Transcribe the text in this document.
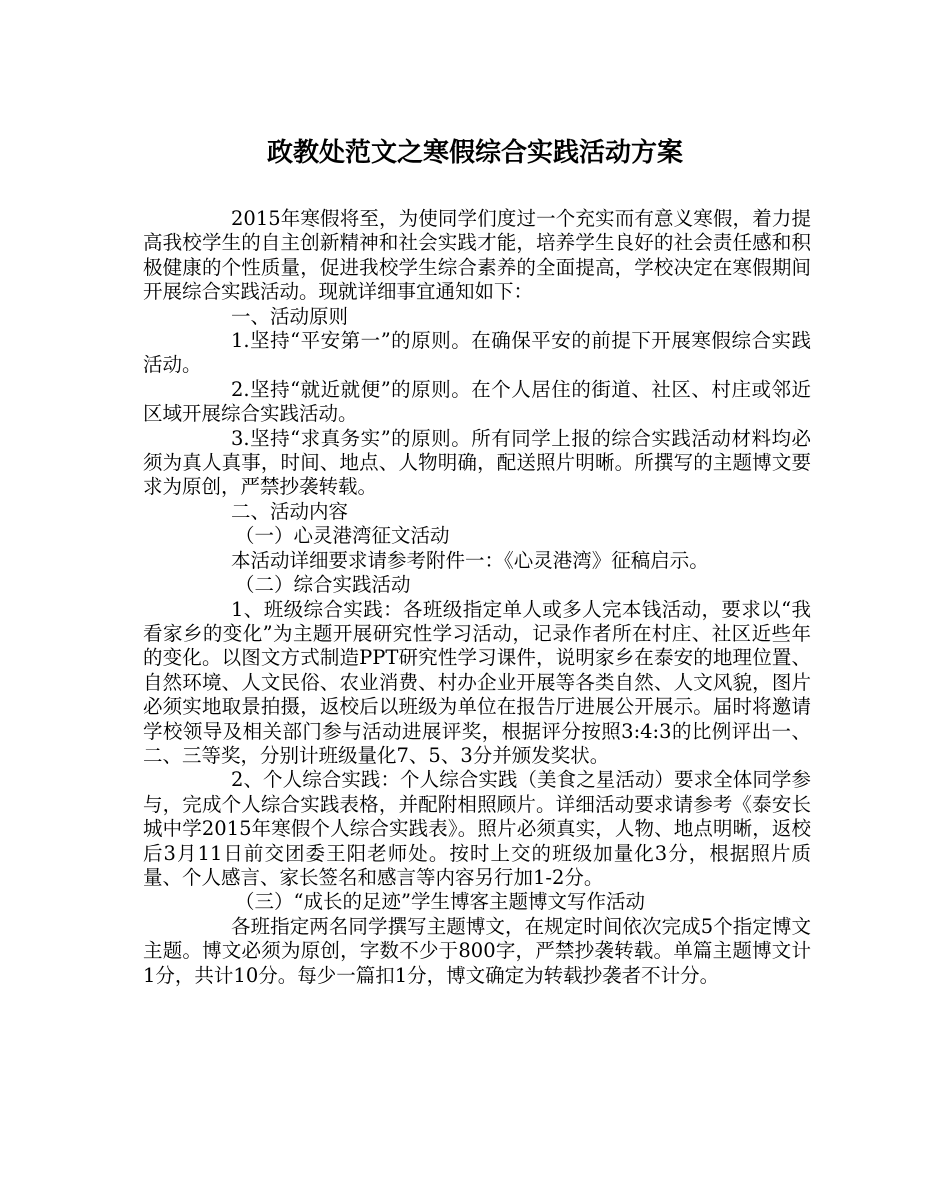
政教处范文之寒假综合实践活动方案

2015年寒假将至，为使同学们度过一个充实而有意义寒假，着力提高我校学生的自主创新精神和社会实践才能，培养学生良好的社会责任感和积极健康的个性质量，促进我校学生综合素养的全面提高，学校决定在寒假期间开展综合实践活动。现就详细事宜通知如下：

一、活动原则

1.坚持“平安第一”的原则。在确保平安的前提下开展寒假综合实践活动。

2.坚持“就近就便”的原则。在个人居住的街道、社区、村庄或邻近区域开展综合实践活动。

3.坚持“求真务实”的原则。所有同学上报的综合实践活动材料均必须为真人真事，时间、地点、人物明确，配送照片明晰。所撰写的主题博文要求为原创，严禁抄袭转载。

二、活动内容

（一）心灵港湾征文活动

本活动详细要求请参考附件一：《心灵港湾》征稿启示。

（二）综合实践活动

1、班级综合实践：各班级指定单人或多人完本钱活动，要求以“我看家乡的变化”为主题开展研究性学习活动，记录作者所在村庄、社区近些年的变化。以图文方式制造PPT研究性学习课件，说明家乡在泰安的地理位置、自然环境、人文民俗、农业消费、村办企业开展等各类自然、人文风貌，图片必须实地取景拍摄，返校后以班级为单位在报告厅进展公开展示。届时将邀请学校领导及相关部门参与活动进展评奖，根据评分按照3:4:3的比例评出一、二、三等奖，分别计班级量化7、5、3分并颁发奖状。

2、个人综合实践：个人综合实践（美食之星活动）要求全体同学参与，完成个人综合实践表格，并配附相照顾片。详细活动要求请参考《泰安长城中学2015年寒假个人综合实践表》。照片必须真实，人物、地点明晰，返校后3月11日前交团委王阳老师处。按时上交的班级加量化3分，根据照片质量、个人感言、家长签名和感言等内容另行加1-2分。

（三）“成长的足迹”学生博客主题博文写作活动

各班指定两名同学撰写主题博文，在规定时间依次完成5个指定博文主题。博文必须为原创，字数不少于800字，严禁抄袭转载。单篇主题博文计1分，共计10分。每少一篇扣1分，博文确定为转载抄袭者不计分。
